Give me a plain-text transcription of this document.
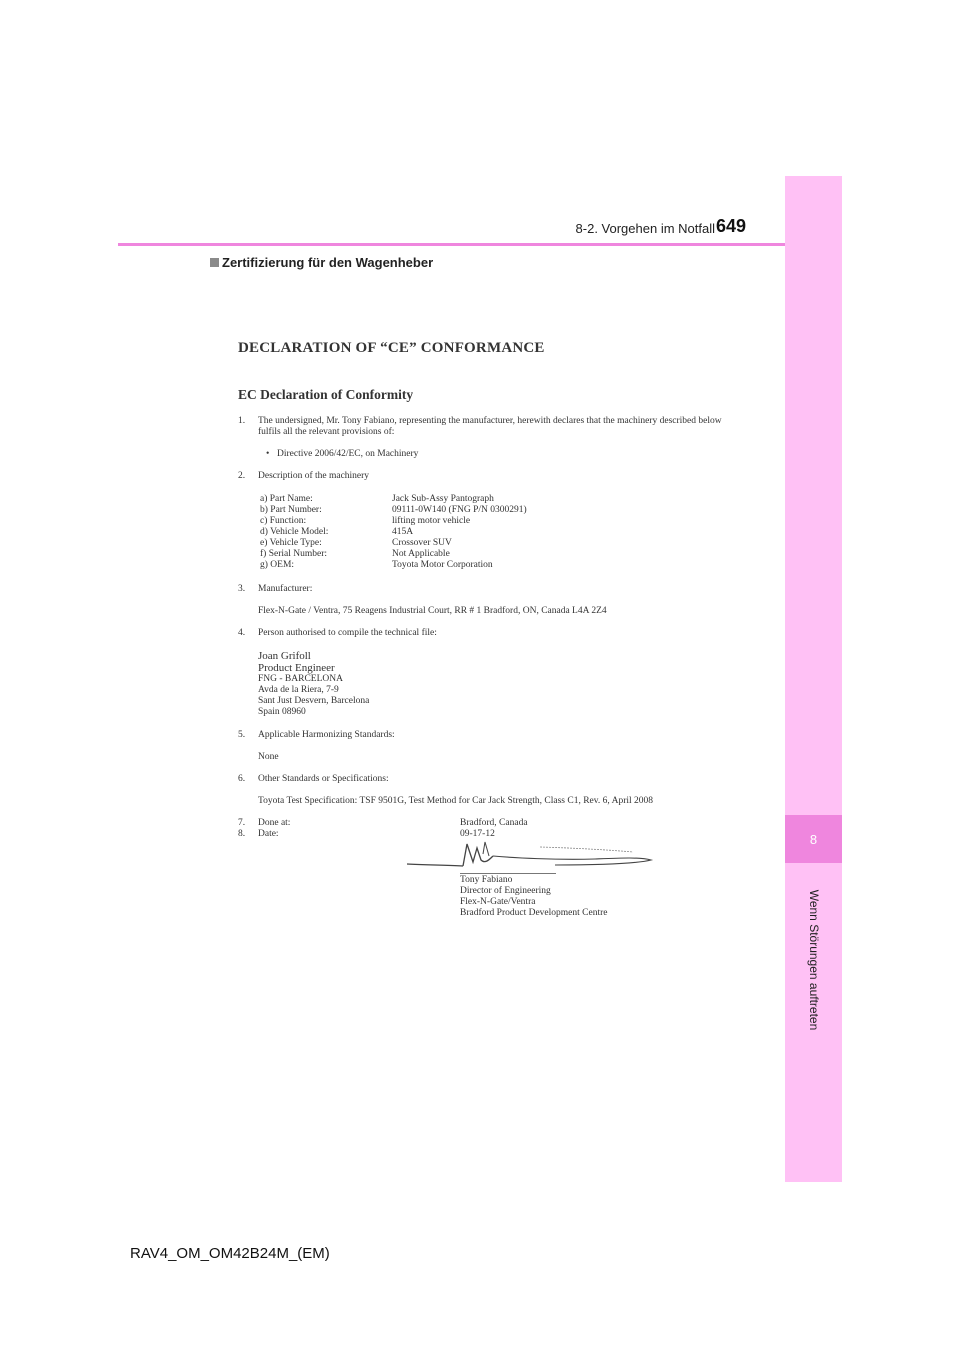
8
Wenn Störungen auftreten
8-2. Vorgehen im Notfall 649
Zertifizierung für den Wagenheber
DECLARATION OF “CE” CONFORMANCE
EC Declaration of Conformity
1. The undersigned, Mr. Tony Fabiano, representing the manufacturer, herewith declares that the machinery described below
fulfils all the relevant provisions of:
• Directive 2006/42/EC, on Machinery
2. Description of the machinery
a) Part Name:	Jack Sub-Assy Pantograph
b) Part Number:	09111-0W140 (FNG P/N 0300291)
c) Function:	lifting motor vehicle
d) Vehicle Model:	415A
e) Vehicle Type:	Crossover SUV
f) Serial Number:	Not Applicable
g) OEM:	Toyota Motor Corporation
3. Manufacturer:
Flex-N-Gate / Ventra, 75 Reagens Industrial Court, RR # 1 Bradford, ON, Canada L4A 2Z4
4. Person authorised to compile the technical file:
Joan Grifoll
Product Engineer
FNG - BARCELONA
Avda de la Riera, 7-9
Sant Just Desvern, Barcelona
Spain 08960
5. Applicable Harmonizing Standards:
None
6. Other Standards or Specifications:
Toyota Test Specification: TSF 9501G, Test Method for Car Jack Strength, Class C1, Rev. 6, April 2008
7. Done at:	Bradford, Canada
8. Date:	09-17-12
Tony Fabiano
Director of Engineering
Flex-N-Gate/Ventra
Bradford Product Development Centre
RAV4_OM_OM42B24M_(EM)
